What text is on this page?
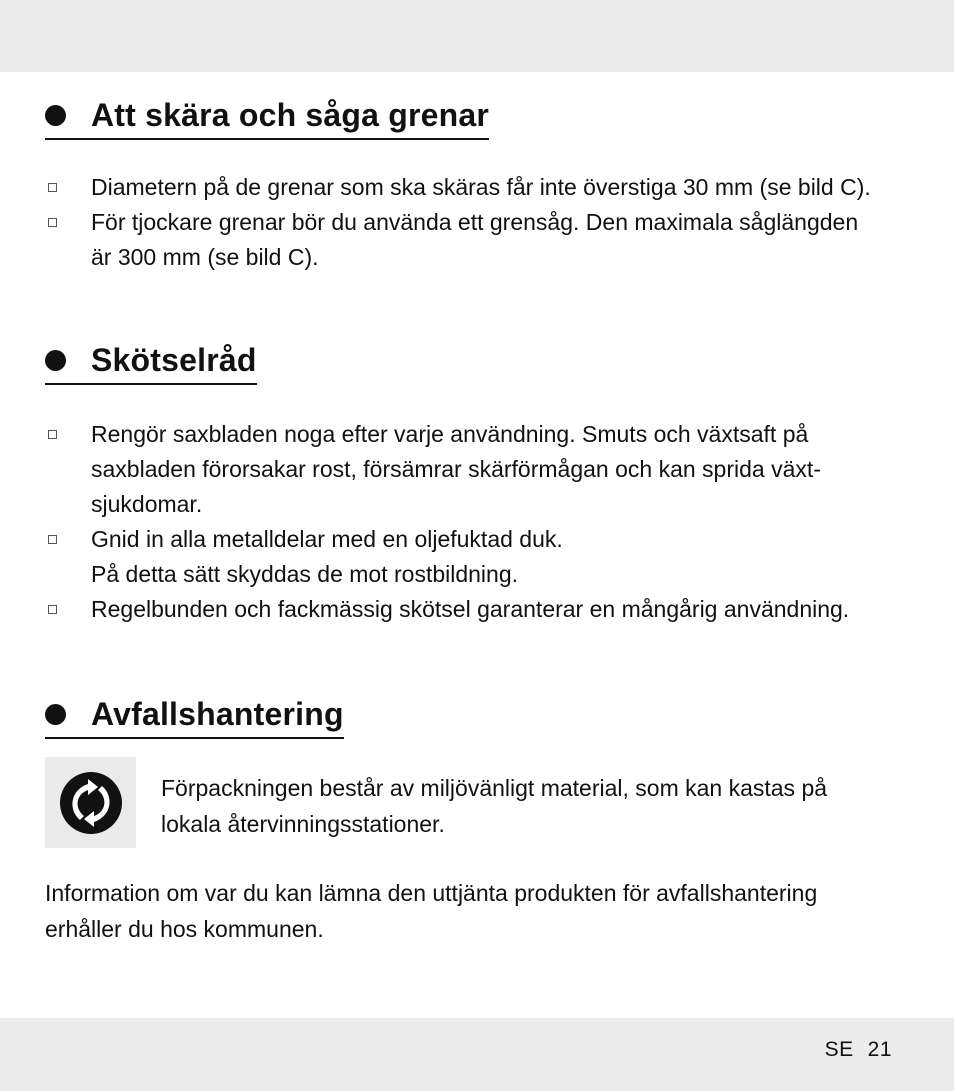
Att skära och såga grenar
Diametern på de grenar som ska skäras får inte överstiga 30 mm (se bild C).
För tjockare grenar bör du använda ett grensåg. Den maximala såglängden
är 300 mm (se bild C).
Skötselråd
Rengör saxbladen noga efter varje användning. Smuts och växtsaft på
saxbladen förorsakar rost, försämrar skärförmågan och kan sprida växt-
sjukdomar.
Gnid in alla metalldelar med en oljefuktad duk.
På detta sätt skyddas de mot rostbildning.
Regelbunden och fackmässig skötsel garanterar en mångårig användning.
Avfallshantering

Förpackningen består av miljövänligt material, som kan kastas på
lokala återvinningsstationer.

Information om var du kan lämna den uttjänta produkten för avfallshantering
erhåller du hos kommunen.

SE 21
